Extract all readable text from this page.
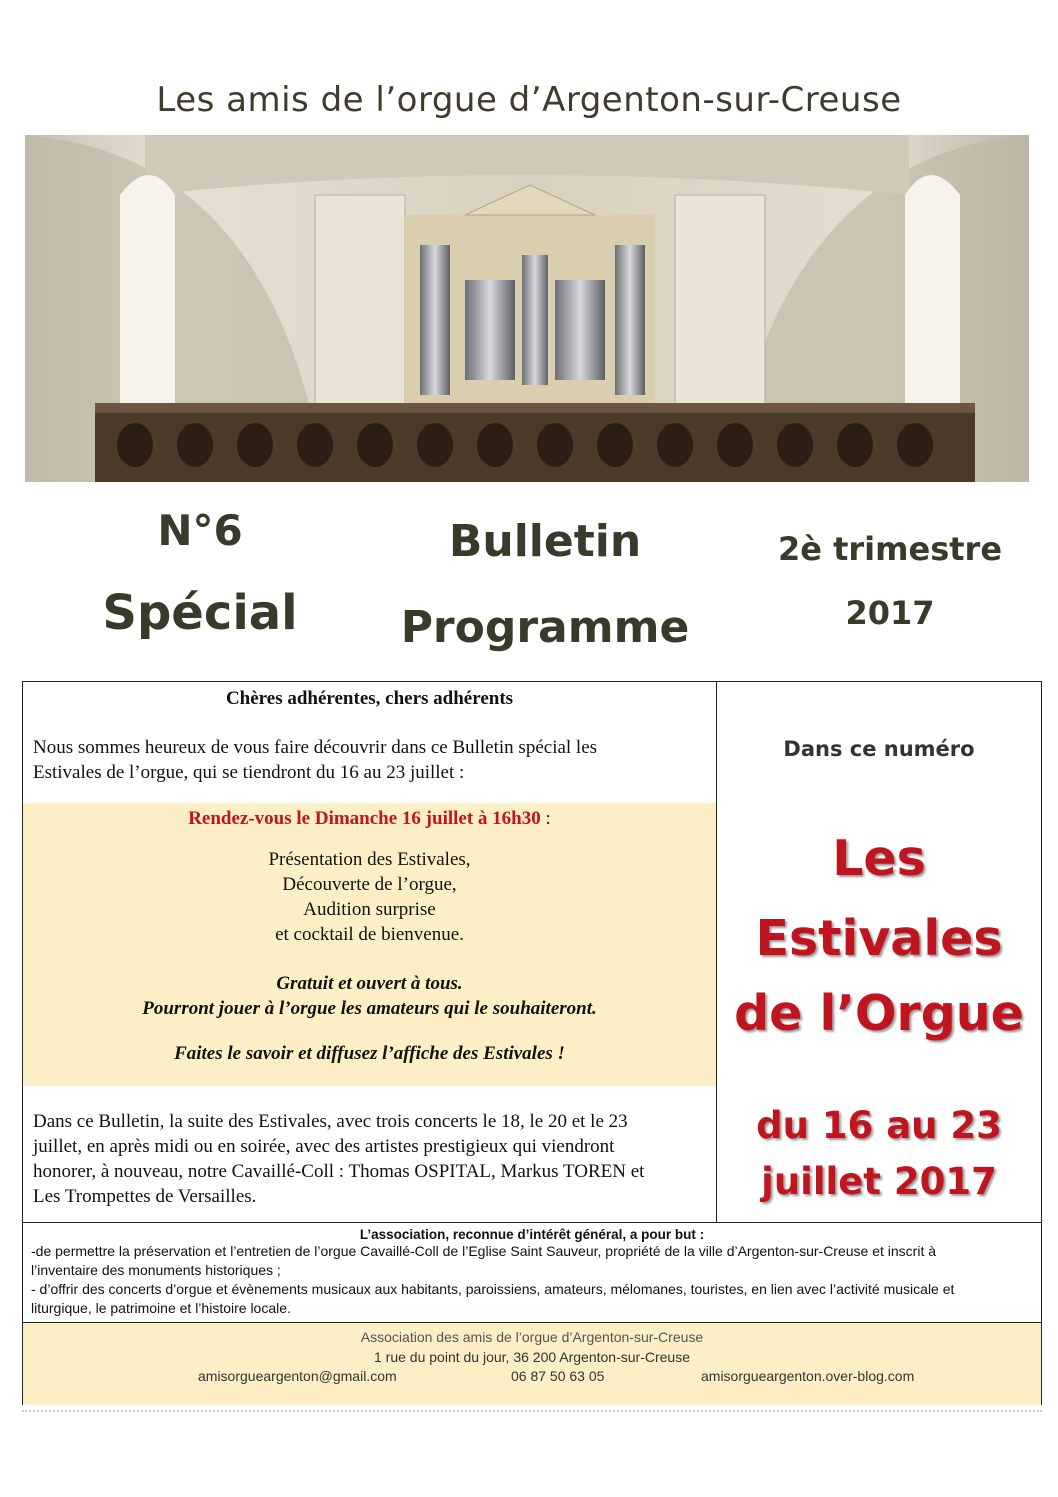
Les amis de l’orgue d’Argenton-sur-Creuse
N°6
Spécial
Bulletin
Programme
2è trimestre
2017
Chères adhérentes, chers adhérents
Nous sommes heureux de vous faire découvrir dans ce Bulletin spécial les
Estivales de l’orgue, qui se tiendront du 16 au 23 juillet :
Rendez-vous le Dimanche 16 juillet à 16h30 :
Présentation des Estivales,
Découverte de l’orgue,
Audition surprise
et cocktail de bienvenue.
Gratuit et ouvert à tous.
Pourront jouer à l’orgue les amateurs qui le souhaiteront.
Faites le savoir et diffusez l’affiche des Estivales !
Dans ce Bulletin, la suite des Estivales, avec trois concerts le 18, le 20 et le 23
juillet, en après midi ou en soirée, avec des artistes prestigieux qui viendront
honorer, à nouveau, notre Cavaillé-Coll : Thomas OSPITAL, Markus TOREN et
Les Trompettes de Versailles.
Dans ce numéro
Les
Estivales
de l’Orgue
du 16 au 23
juillet 2017
L’association, reconnue d’intérêt général, a pour but :
-de permettre la préservation et l’entretien de l’orgue Cavaillé-Coll de l’Eglise Saint Sauveur, propriété de la ville d’Argenton-sur-Creuse et inscrit à
l’inventaire des monuments historiques ;
- d’offrir des concerts d’orgue et évènements musicaux aux habitants, paroissiens, amateurs, mélomanes, touristes, en lien avec l’activité musicale et
liturgique, le patrimoine et l’histoire locale.
Association des amis de l’orgue d’Argenton-sur-Creuse
1 rue du point du jour, 36 200 Argenton-sur-Creuse
amisorgueargenton@gmail.com	06 87 50 63 05	amisorgueargenton.over-blog.com
